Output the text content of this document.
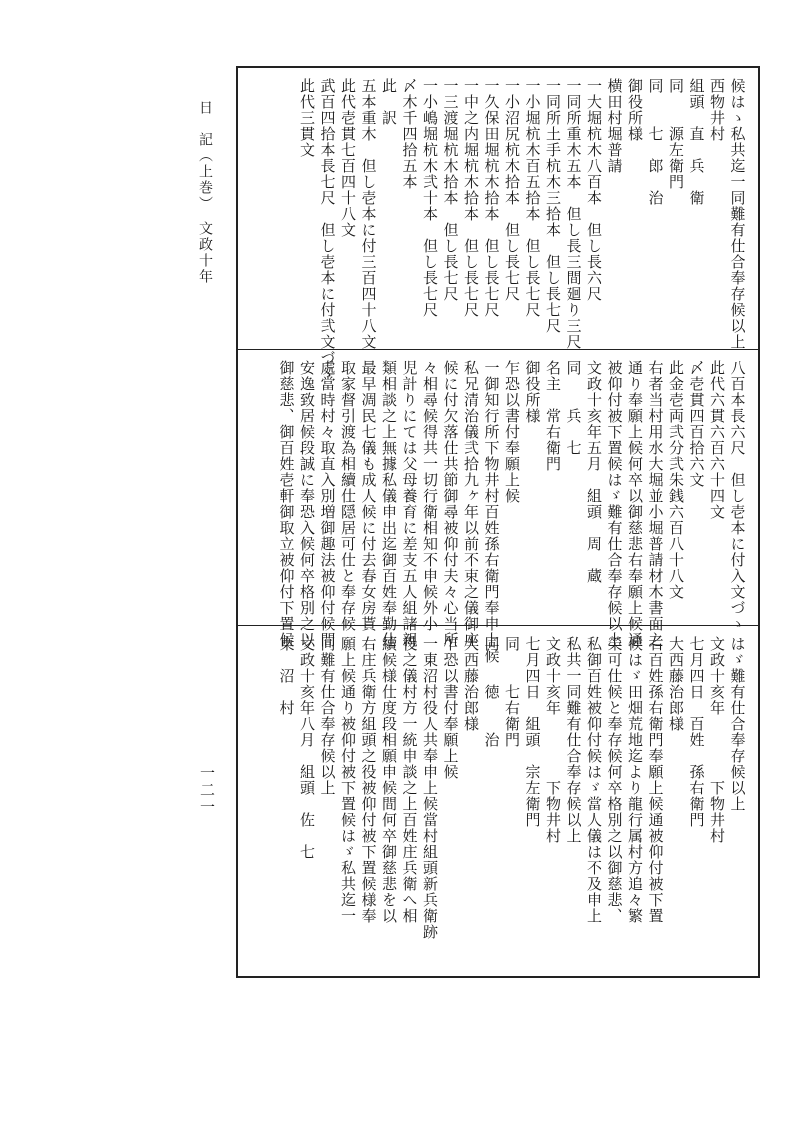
日　記（上巻）　文政十年
一二一
候はゝ私共迄一同難有仕合奉存候以上
西物井村
組頭　直　兵　衛
同　　源左衛門
同　　七　郎　治
御役所様
横田村堀普請
一大堀杭木八百本　但し長六尺
一同所重木五本　但し長三間廻り三尺
一同所土手杭木三拾本　但し長七尺
一小堀杭木百五拾本　但し長七尺
一小沼尻杭木拾本　但し長七尺
一久保田堀杭木拾本　但し長七尺
一中之内堀杭木拾本　但し長七尺
一三渡堀杭木拾本　但し長七尺
一小嶋堀杭木弐十本　但し長七尺
〆木千四拾五本
此　訳
五本重木　但し壱本に付三百四十八文
此代壱貫七百四十八文
武百四拾本長七尺　但し壱本に付弐文づゝ
此代三貫文
八百本長六尺　但し壱本に付入文づゝ
此代六貫六百六十四文
〆壱貫四百拾六文
此金壱両弐分弐朱銭六百八十八文
右者当村用水大堀並小堀普請材木書面之
通り奉願上候何卒以御慈悲右奉願上候通
被仰付被下置候はゞ難有仕合奉存候以上
文政十亥年五月　組頭　周　蔵
同　　兵　七
名主　常右衛門
御役所様
乍恐以書付奉願上候
一御知行所下物井村百姓孫右衛門奉申上候
私兄清治儀弐拾九ヶ年以前不束之儀御座
候に付欠落仕共節御尋被仰付夫々心当所
々相尋候得共一切行衛相知不申候外小
児計りにては父母養育に差支五人組諸親
類相談之上無據私儀申出迄御百姓奉勤仕
最早凋民七儀も成人候に付去春女房貰
取家督引渡為相續仕隠居可仕と奉存候
處當時村々取直入別増御趣法被仰付候間
安逸致居候段誠に奉恐入候何卒格別之以
御慈悲、御百姓壱軒御取立被仰付下置候
はゞ難有仕合奉存候以上
文政十亥年　　　　下物井村
七月四日　百姓　孫右衛門
大西藤治郎様
右百姓孫右衛門奉願上候通被仰付被下置
候はゞ田畑荒地迄より龍行属村方追々繁
榮可仕候と奉存候何卒格別之以御慈悲、
私御百姓被仰付候はゞ當人儀は不及申上
私共一同難有仕合奉存候以上
文政十亥年　　　　下物井村
七月四日　組頭　宗左衛門
同　　七右衛門
同　　徳　　治
大西藤治郎様
乍恐以書付奉願上候
一東沼村役人共奉申上候當村組頭新兵衛跡
役之儀村方一統申談之上百姓庄兵衛へ相
續候様仕度段相願申候間何卒御慈悲を以
右庄兵衛方組頭之役被仰付被下置候様奉
願上候通り被仰付被下置候はゞ私共迄一
同難有仕合奉存候以上
文政十亥年八月　組頭　佐　七
東　沼　村
